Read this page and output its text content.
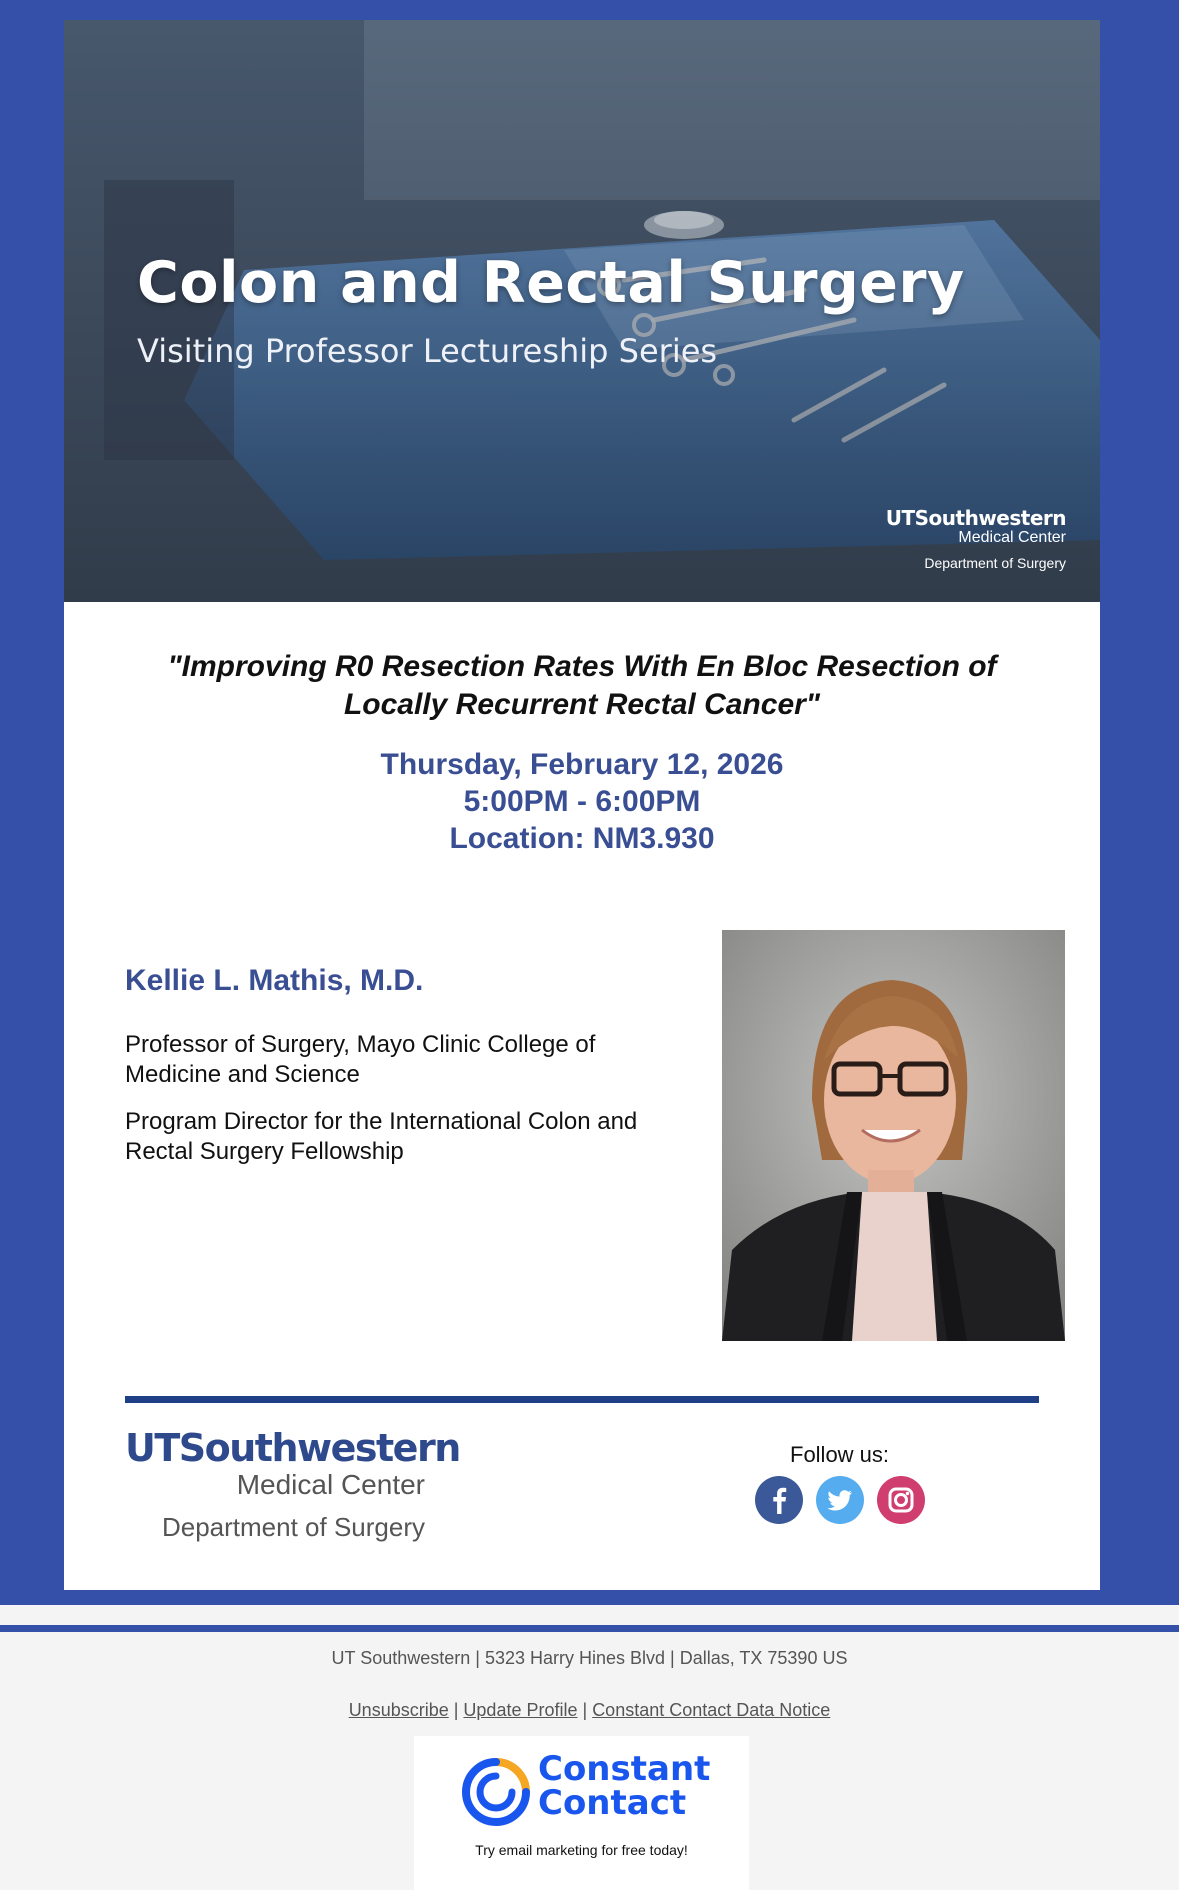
Colon and Rectal Surgery
Visiting Professor Lectureship Series
UTSouthwestern
Medical Center
Department of Surgery
"Improving R0 Resection Rates With En Bloc Resection of
Locally Recurrent Rectal Cancer"
Thursday, February 12, 2026
5:00PM - 6:00PM
Location: NM3.930
Kellie L. Mathis, M.D.
Professor of Surgery, Mayo Clinic College of Medicine and Science
Program Director for the International Colon and Rectal Surgery Fellowship
UTSouthwestern
Medical Center
Department of Surgery
Follow us:
UT Southwestern | 5323 Harry Hines Blvd | Dallas, TX 75390 US
Unsubscribe | Update Profile | Constant Contact Data Notice
Constant
Contact
Try email marketing for free today!
